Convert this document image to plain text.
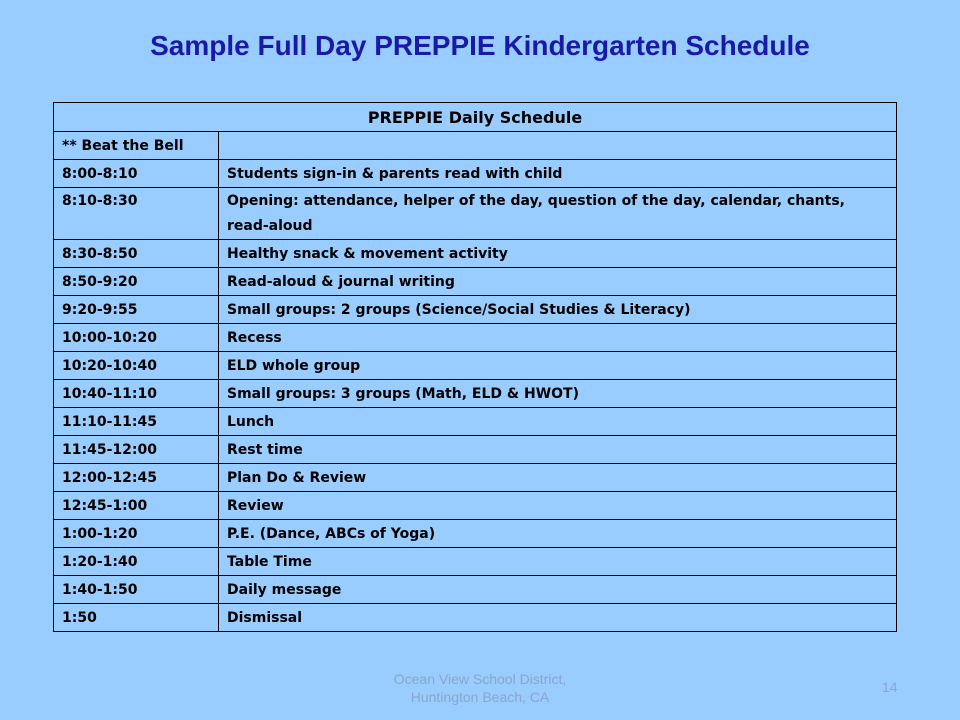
Sample Full Day PREPPIE Kindergarten Schedule
PREPPIE Daily Schedule	
** Beat the Bell	
8:00-8:10	Students sign-in & parents read with child
8:10-8:30	Opening: attendance, helper of the day, question of the day, calendar, chants, read-aloud
8:30-8:50	Healthy snack & movement activity
8:50-9:20	Read-aloud & journal writing
9:20-9:55	Small groups: 2 groups (Science/Social Studies & Literacy)
10:00-10:20	Recess
10:20-10:40	ELD whole group
10:40-11:10	Small groups: 3 groups (Math, ELD & HWOT)
11:10-11:45	Lunch
11:45-12:00	Rest time
12:00-12:45	Plan Do & Review
12:45-1:00	Review
1:00-1:20	P.E. (Dance, ABCs of Yoga)
1:20-1:40	Table Time
1:40-1:50	Daily message
1:50	Dismissal
Ocean View School District,
Huntington Beach, CA
14
